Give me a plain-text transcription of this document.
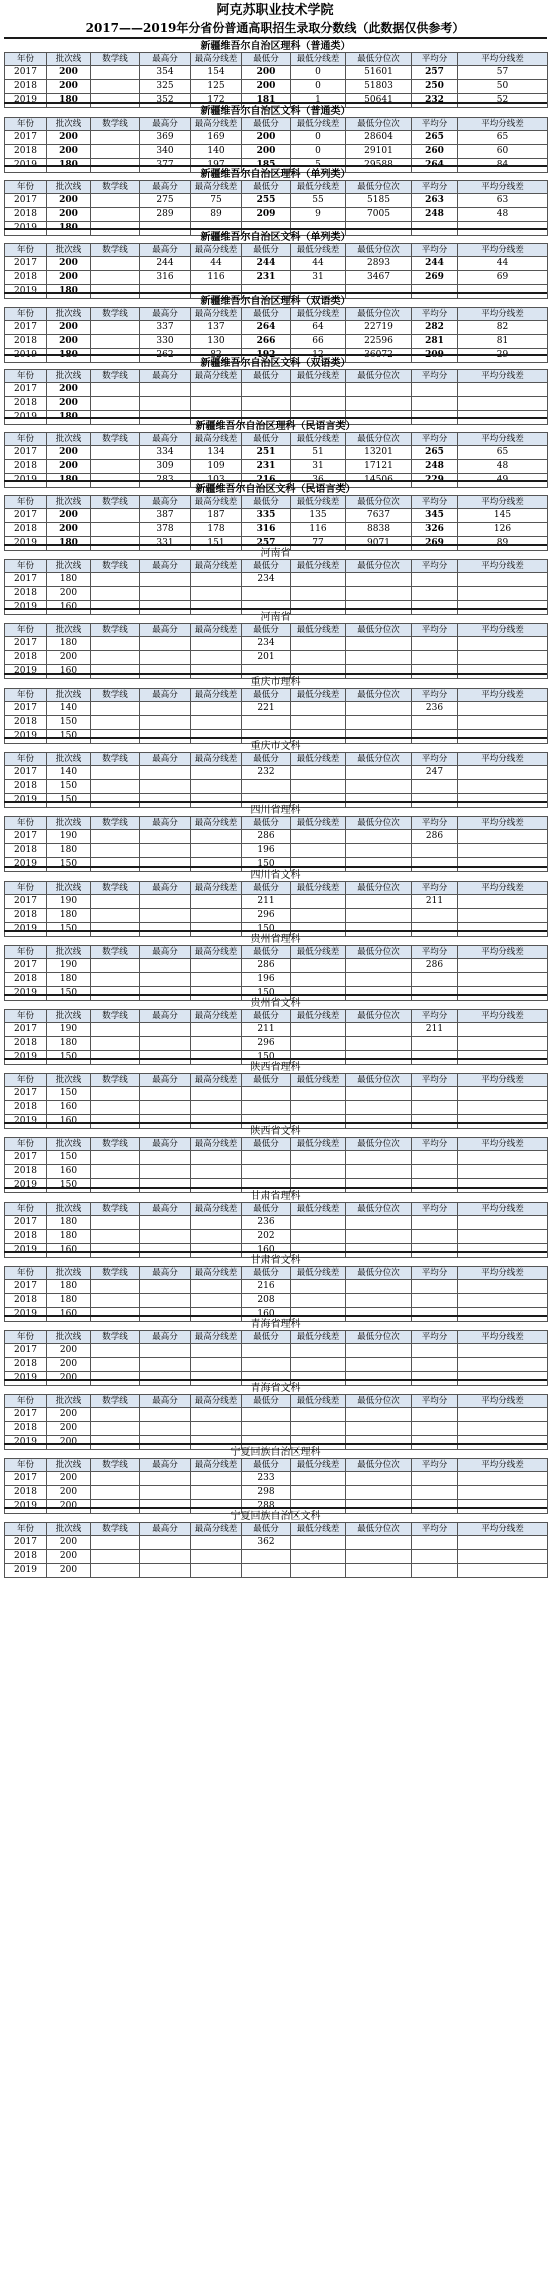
阿克苏职业技术学院
2017——2019年分省份普通高职招生录取分数线（此数据仅供参考）
新疆维吾尔自治区理科（普通类）
年份	批次线	数学线	最高分	最高分线差	最低分	最低分线差	最低分位次	平均分	平均分线差
2017	200		354	154	200	0	51601	257	57
2018	200		325	125	200	0	51803	250	50
2019	180		352	172	181	1	50641	232	52
新疆维吾尔自治区文科（普通类）
年份	批次线	数学线	最高分	最高分线差	最低分	最低分线差	最低分位次	平均分	平均分线差
2017	200		369	169	200	0	28604	265	65
2018	200		340	140	200	0	29101	260	60
2019	180		377	197	185	5	29588	264	84
新疆维吾尔自治区理科（单列类）
年份	批次线	数学线	最高分	最高分线差	最低分	最低分线差	最低分位次	平均分	平均分线差
2017	200		275	75	255	55	5185	263	63
2018	200		289	89	209	9	7005	248	48
2019	180								
新疆维吾尔自治区文科（单列类）
年份	批次线	数学线	最高分	最高分线差	最低分	最低分线差	最低分位次	平均分	平均分线差
2017	200		244	44	244	44	2893	244	44
2018	200		316	116	231	31	3467	269	69
2019	180								
新疆维吾尔自治区理科（双语类）
年份	批次线	数学线	最高分	最高分线差	最低分	最低分线差	最低分位次	平均分	平均分线差
2017	200		337	137	264	64	22719	282	82
2018	200		330	130	266	66	22596	281	81
2019	180		262	82	192	12	36072	209	29
新疆维吾尔自治区文科（双语类）
年份	批次线	数学线	最高分	最高分线差	最低分	最低分线差	最低分位次	平均分	平均分线差
2017	200								
2018	200								
2019	180								
新疆维吾尔自治区理科（民语言类）
年份	批次线	数学线	最高分	最高分线差	最低分	最低分线差	最低分位次	平均分	平均分线差
2017	200		334	134	251	51	13201	265	65
2018	200		309	109	231	31	17121	248	48
2019	180		283	103	216	36	14506	229	49
新疆维吾尔自治区文科（民语言类）
年份	批次线	数学线	最高分	最高分线差	最低分	最低分线差	最低分位次	平均分	平均分线差
2017	200		387	187	335	135	7637	345	145
2018	200		378	178	316	116	8838	326	126
2019	180		331	151	257	77	9071	269	89
河南省
年份	批次线	数学线	最高分	最高分线差	最低分	最低分线差	最低分位次	平均分	平均分线差
2017	180				234				
2018	200								
2019	160								
河南省
年份	批次线	数学线	最高分	最高分线差	最低分	最低分线差	最低分位次	平均分	平均分线差
2017	180				234				
2018	200				201				
2019	160								
重庆市理科
年份	批次线	数学线	最高分	最高分线差	最低分	最低分线差	最低分位次	平均分	平均分线差
2017	140				221			236	
2018	150								
2019	150								
重庆市文科
年份	批次线	数学线	最高分	最高分线差	最低分	最低分线差	最低分位次	平均分	平均分线差
2017	140				232			247	
2018	150								
2019	150								
四川省理科
年份	批次线	数学线	最高分	最高分线差	最低分	最低分线差	最低分位次	平均分	平均分线差
2017	190				286			286	
2018	180				196				
2019	150				150				
四川省文科
年份	批次线	数学线	最高分	最高分线差	最低分	最低分线差	最低分位次	平均分	平均分线差
2017	190				211			211	
2018	180				296				
2019	150				150				
贵州省理科
年份	批次线	数学线	最高分	最高分线差	最低分	最低分线差	最低分位次	平均分	平均分线差
2017	190				286			286	
2018	180				196				
2019	150				150				
贵州省文科
年份	批次线	数学线	最高分	最高分线差	最低分	最低分线差	最低分位次	平均分	平均分线差
2017	190				211			211	
2018	180				296				
2019	150				150				
陕西省理科
年份	批次线	数学线	最高分	最高分线差	最低分	最低分线差	最低分位次	平均分	平均分线差
2017	150								
2018	160								
2019	160								
陕西省文科
年份	批次线	数学线	最高分	最高分线差	最低分	最低分线差	最低分位次	平均分	平均分线差
2017	150								
2018	160								
2019	150								
甘肃省理科
年份	批次线	数学线	最高分	最高分线差	最低分	最低分线差	最低分位次	平均分	平均分线差
2017	180				236				
2018	180				202				
2019	160				160				
甘肃省文科
年份	批次线	数学线	最高分	最高分线差	最低分	最低分线差	最低分位次	平均分	平均分线差
2017	180				216				
2018	180				208				
2019	160				160				
青海省理科
年份	批次线	数学线	最高分	最高分线差	最低分	最低分线差	最低分位次	平均分	平均分线差
2017	200								
2018	200								
2019	200								
青海省文科
年份	批次线	数学线	最高分	最高分线差	最低分	最低分线差	最低分位次	平均分	平均分线差
2017	200								
2018	200								
2019	200								
宁夏回族自治区理科
年份	批次线	数学线	最高分	最高分线差	最低分	最低分线差	最低分位次	平均分	平均分线差
2017	200				233				
2018	200				298				
2019	200				288				
宁夏回族自治区文科
年份	批次线	数学线	最高分	最高分线差	最低分	最低分线差	最低分位次	平均分	平均分线差
2017	200				362				
2018	200								
2019	200								
